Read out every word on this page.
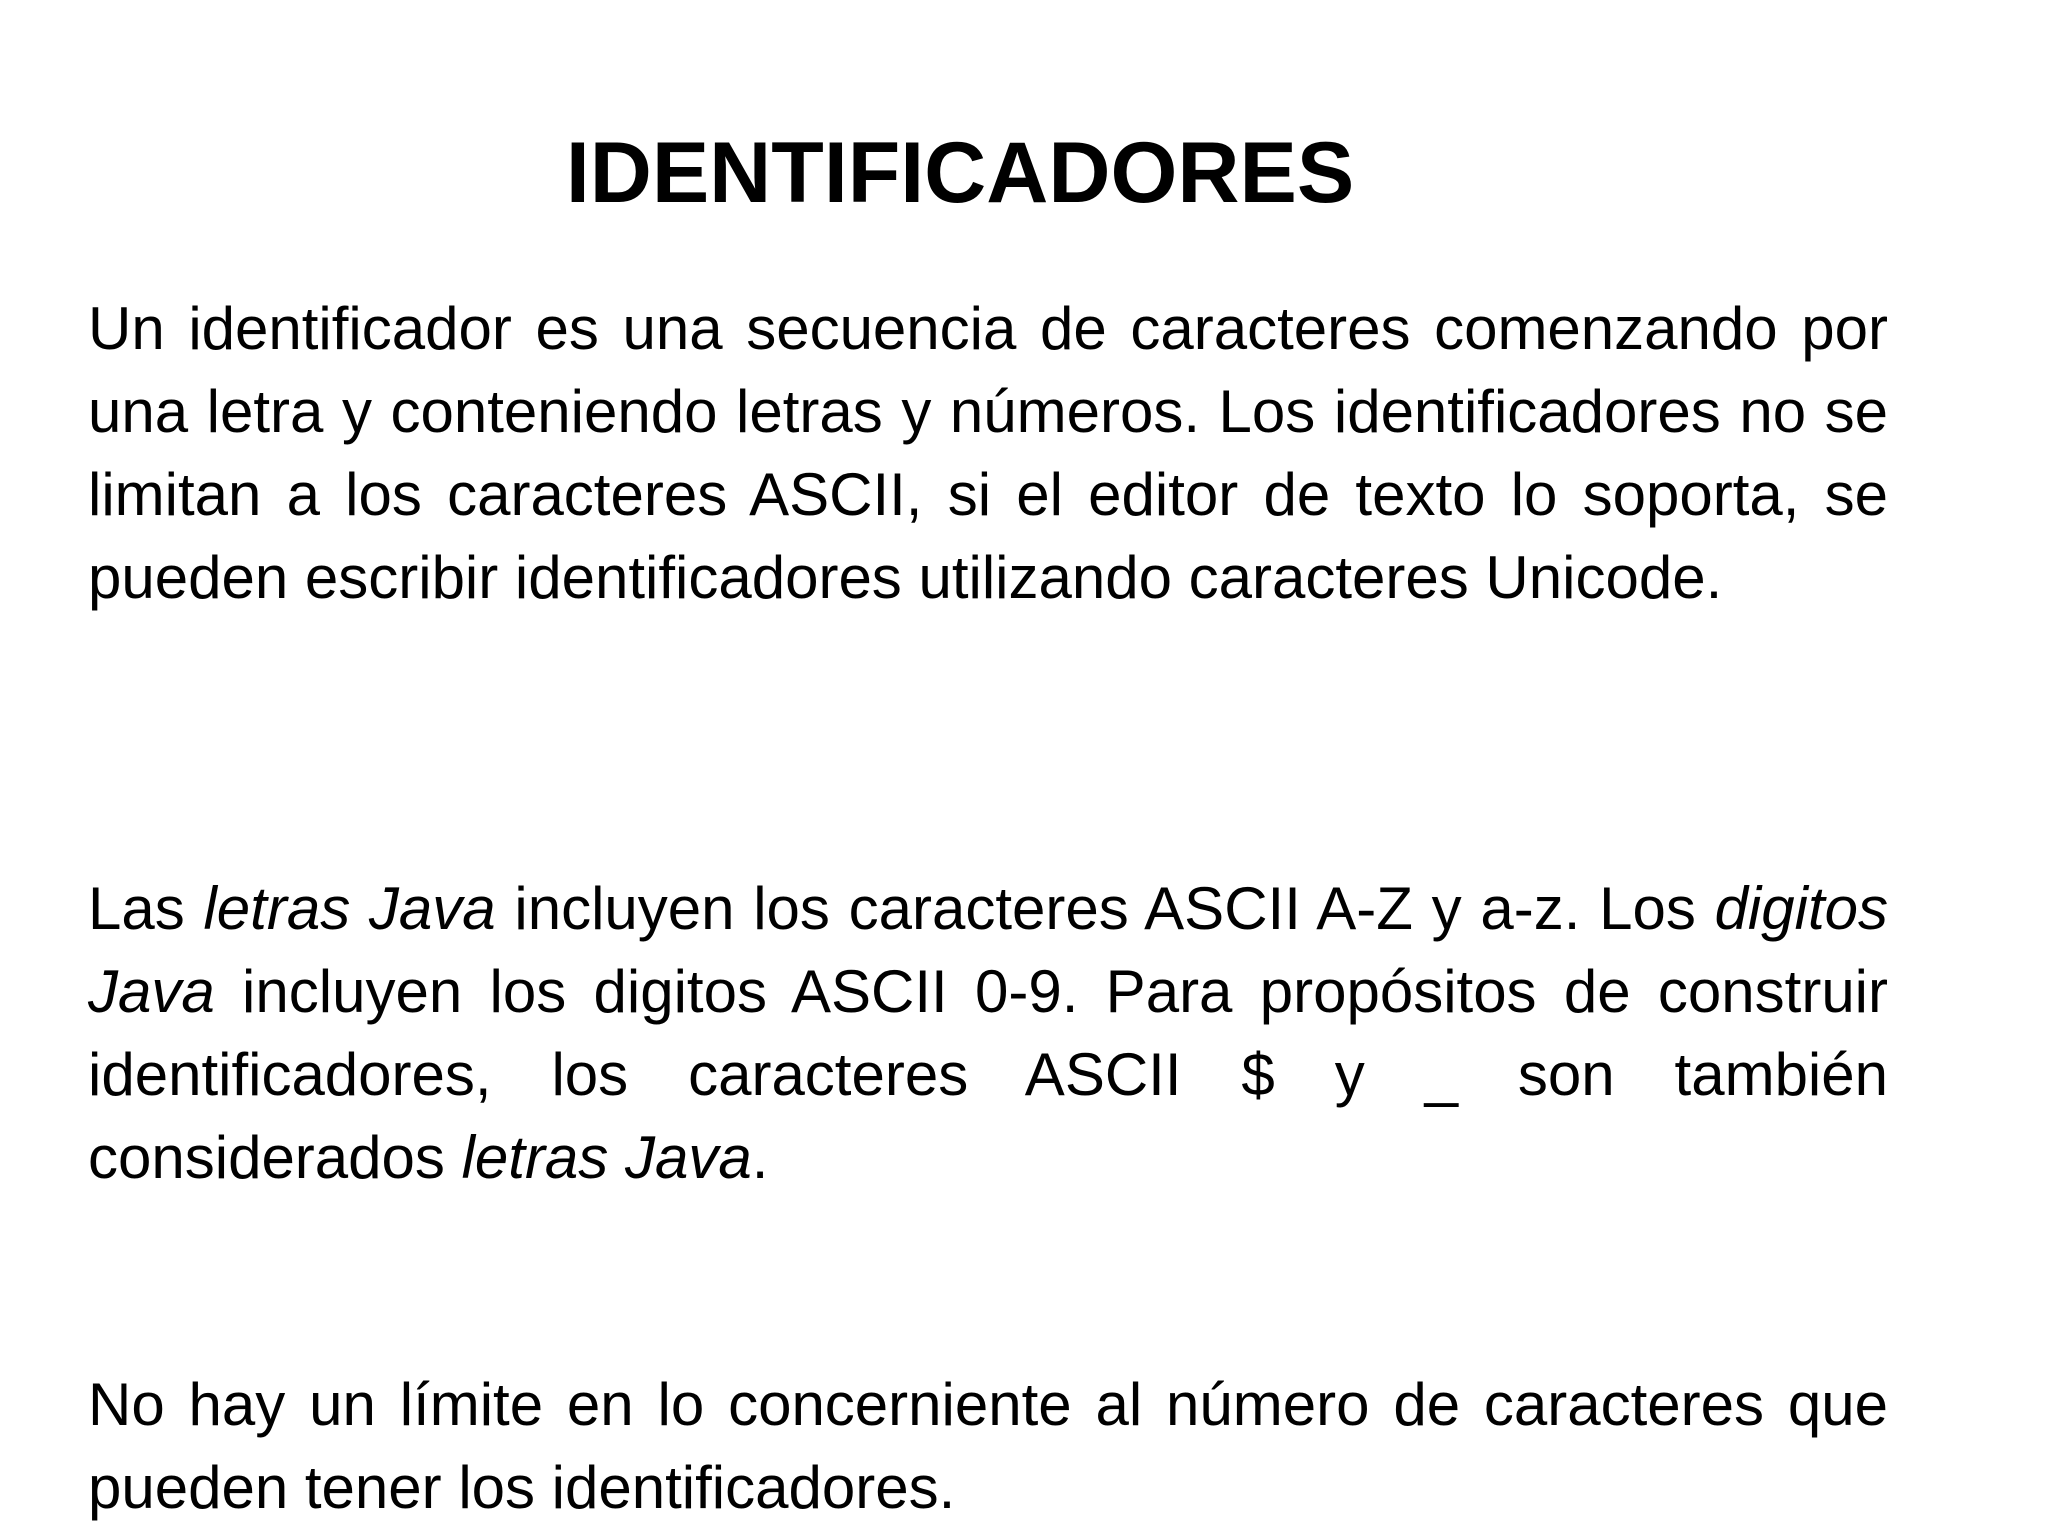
IDENTIFICADORES

Un identificador es una secuencia de caracteres comenzando por una letra y conteniendo letras y números. Los identificadores no se limitan a los caracteres ASCII, si el editor de texto lo soporta, se pueden escribir identificadores utilizando caracteres Unicode.

Las letras Java incluyen los caracteres ASCII A-Z y a-z. Los digitos Java incluyen los digitos ASCII 0-9. Para propósitos de construir identificadores, los caracteres ASCII $ y _ son también considerados letras Java.

No hay un límite en lo concerniente al número de caracteres que pueden tener los identificadores.
